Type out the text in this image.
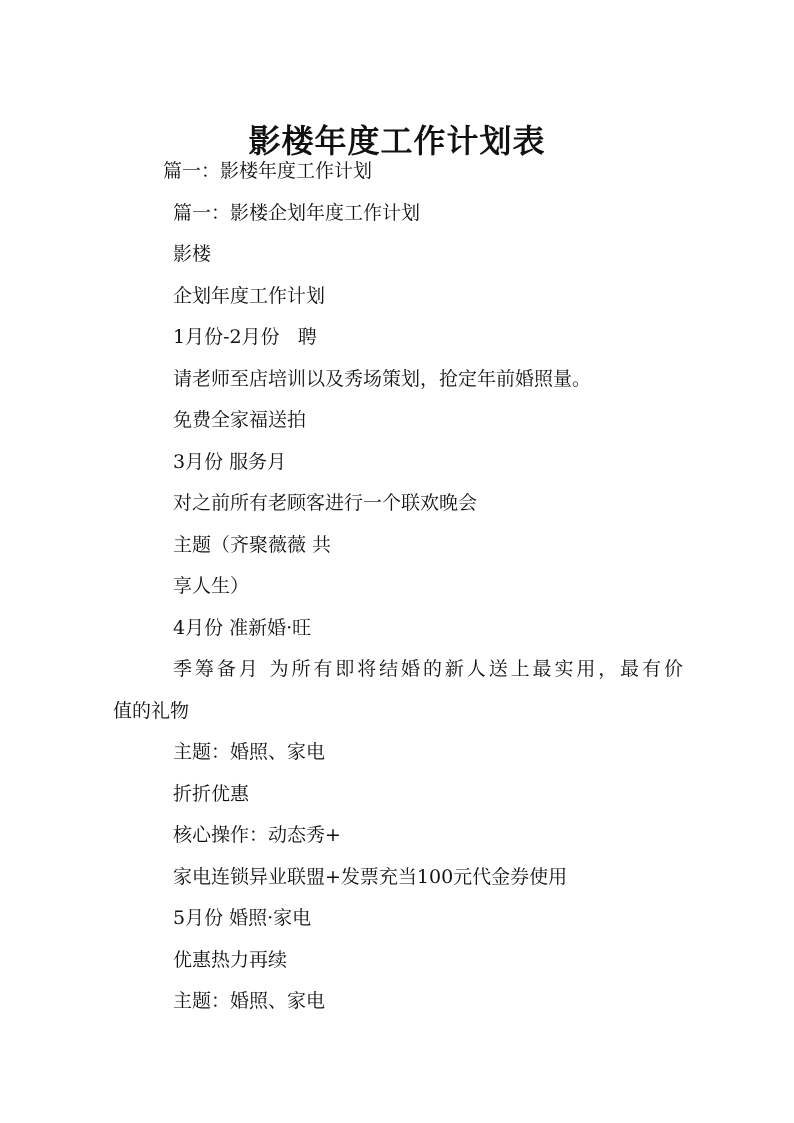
影楼年度工作计划表

篇一：影楼年度工作计划

篇一：影楼企划年度工作计划

影楼

企划年度工作计划

1月份-2月份   聘

请老师至店培训以及秀场策划，抢定年前婚照量。

免费全家福送拍

3月份 服务月

对之前所有老顾客进行一个联欢晚会

主题（齐聚薇薇 共

享人生）

4月份 准新婚·旺

季筹备月 为所有即将结婚的新人送上最实用，最有价

值的礼物

主题：婚照、家电

折折优惠

核心操作：动态秀+

家电连锁异业联盟+发票充当100元代金券使用

5月份 婚照·家电

优惠热力再续

主题：婚照、家电
